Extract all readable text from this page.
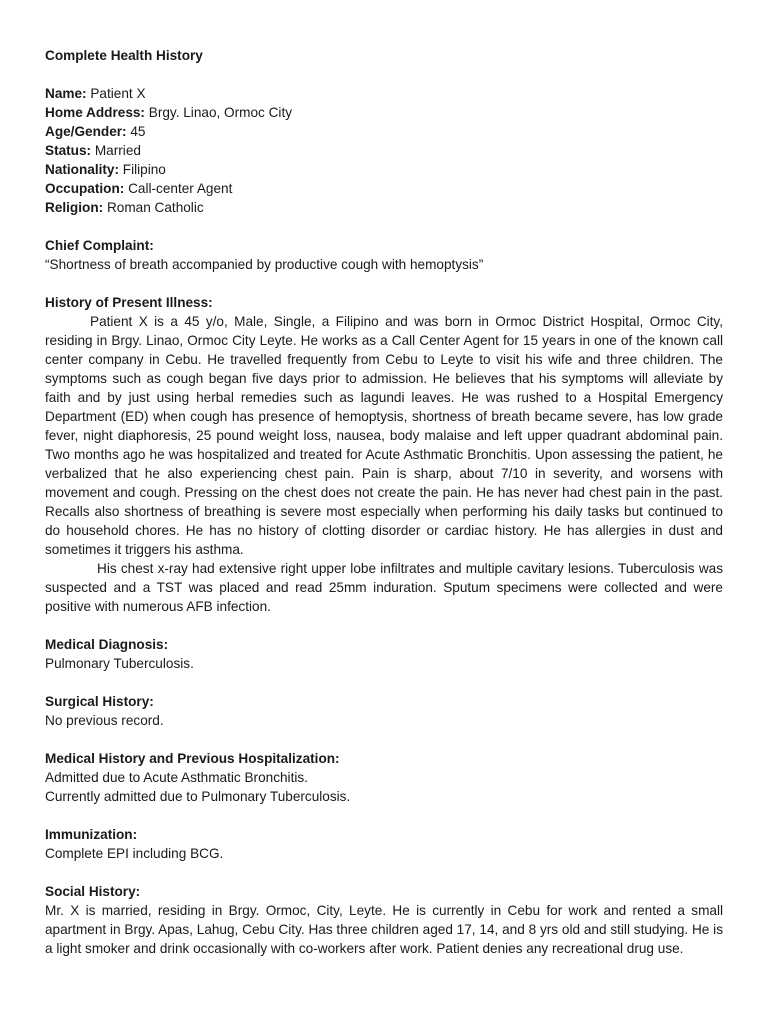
Complete Health History
Name: Patient X
Home Address: Brgy. Linao, Ormoc City
Age/Gender: 45
Status: Married
Nationality: Filipino
Occupation: Call-center Agent
Religion: Roman Catholic
Chief Complaint:
“Shortness of breath accompanied by productive cough with hemoptysis”
History of Present Illness:

Patient X is a 45 y/o, Male, Single, a Filipino and was born in Ormoc District Hospital, Ormoc City, residing in Brgy. Linao, Ormoc City Leyte. He works as a Call Center Agent for 15 years in one of the known call center company in Cebu. He travelled frequently from Cebu to Leyte to visit his wife and three children. The symptoms such as cough began five days prior to admission. He believes that his symptoms will alleviate by faith and by just using herbal remedies such as lagundi leaves. He was rushed to a Hospital Emergency Department (ED) when cough has presence of hemoptysis, shortness of breath became severe, has low grade fever, night diaphoresis, 25 pound weight loss, nausea, body malaise and left upper quadrant abdominal pain. Two months ago he was hospitalized and treated for Acute Asthmatic Bronchitis. Upon assessing the patient, he verbalized that he also experiencing chest pain. Pain is sharp, about 7/10 in severity, and worsens with movement and cough. Pressing on the chest does not create the pain. He has never had chest pain in the past. Recalls also shortness of breathing is severe most especially when performing his daily tasks but continued to do household chores. He has no history of clotting disorder or cardiac history. He has allergies in dust and sometimes it triggers his asthma.

His chest x-ray had extensive right upper lobe infiltrates and multiple cavitary lesions. Tuberculosis was suspected and a TST was placed and read 25mm induration. Sputum specimens were collected and were positive with numerous AFB infection.

Medical Diagnosis:
Pulmonary Tuberculosis.
Surgical History:
No previous record.
Medical History and Previous Hospitalization:
Admitted due to Acute Asthmatic Bronchitis.
Currently admitted due to Pulmonary Tuberculosis.
Immunization:
Complete EPI including BCG.
Social History:

Mr. X is married, residing in Brgy. Ormoc, City, Leyte. He is currently in Cebu for work and rented a small apartment in Brgy. Apas, Lahug, Cebu City. Has three children aged 17, 14, and 8 yrs old and still studying. He is a light smoker and drink occasionally with co-workers after work. Patient denies any recreational drug use.
